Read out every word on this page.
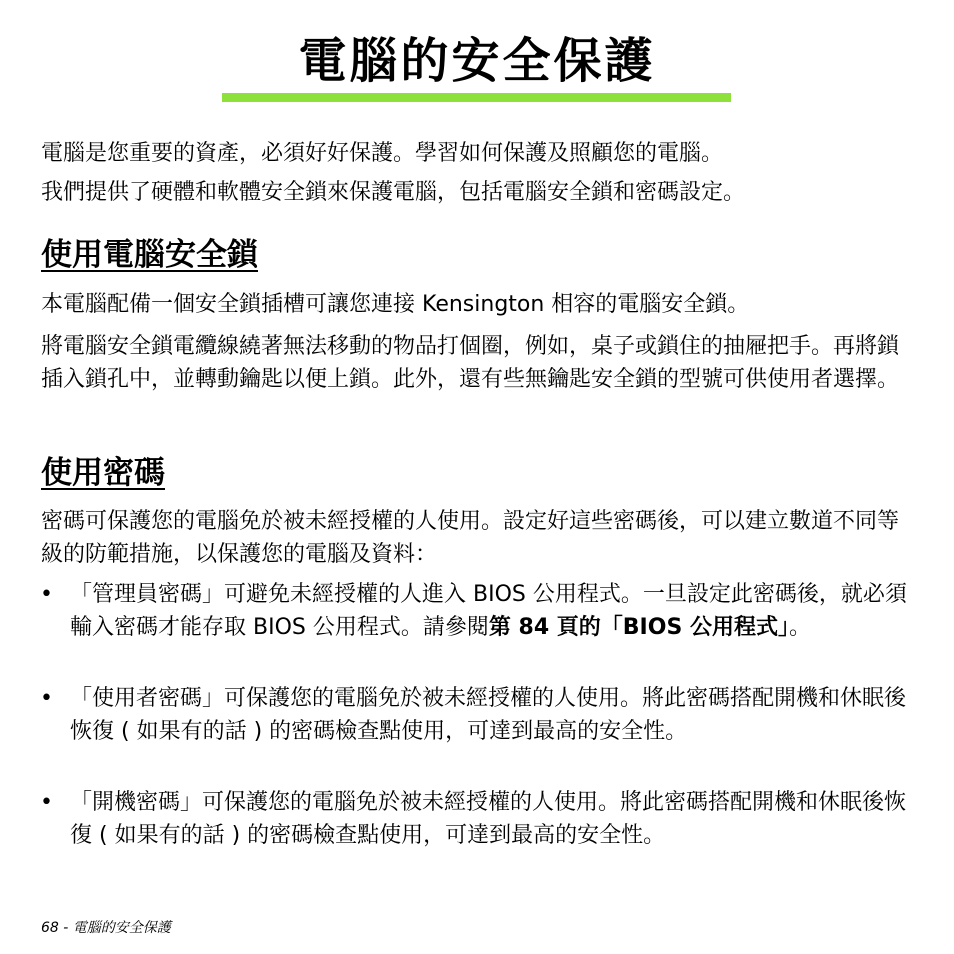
電腦的安全保護

電腦是您重要的資產，必須好好保護。學習如何保護及照顧您的電腦。

我們提供了硬體和軟體安全鎖來保護電腦，包括電腦安全鎖和密碼設定。

使用電腦安全鎖

本電腦配備一個安全鎖插槽可讓您連接 Kensington 相容的電腦安全鎖。

將電腦安全鎖電纜線繞著無法移動的物品打個圈，例如，桌子或鎖住的抽屜把手。再將鎖插入鎖孔中，並轉動鑰匙以便上鎖。此外，還有些無鑰匙安全鎖的型號可供使用者選擇。

使用密碼

密碼可保護您的電腦免於被未經授權的人使用。設定好這些密碼後，可以建立數道不同等級的防範措施，以保護您的電腦及資料：

• 「管理員密碼」可避免未經授權的人進入 BIOS 公用程式。一旦設定此密碼後，就必須輸入密碼才能存取 BIOS 公用程式。請參閱第 84 頁的「BIOS 公用程式」。

• 「使用者密碼」可保護您的電腦免於被未經授權的人使用。將此密碼搭配開機和休眠後恢復 ( 如果有的話 ) 的密碼檢查點使用，可達到最高的安全性。

• 「開機密碼」可保護您的電腦免於被未經授權的人使用。將此密碼搭配開機和休眠後恢復 ( 如果有的話 ) 的密碼檢查點使用，可達到最高的安全性。

68 - 電腦的安全保護
